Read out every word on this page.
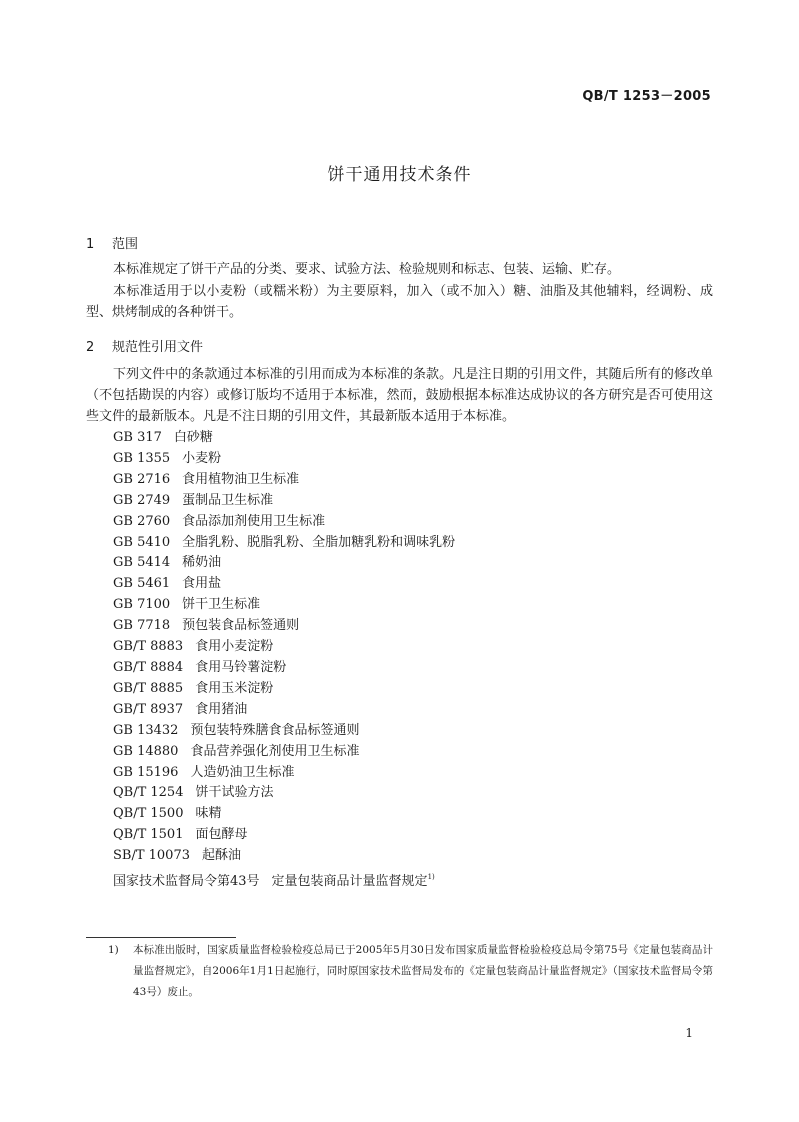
QB/T 1253－2005
饼干通用技术条件
1 范围
本标准规定了饼干产品的分类、要求、试验方法、检验规则和标志、包装、运输、贮存。
本标准适用于以小麦粉（或糯米粉）为主要原料，加入（或不加入）糖、油脂及其他辅料，经调粉、成型、烘烤制成的各种饼干。
2 规范性引用文件
下列文件中的条款通过本标准的引用而成为本标准的条款。凡是注日期的引用文件，其随后所有的修改单（不包括勘误的内容）或修订版均不适用于本标准，然而，鼓励根据本标准达成协议的各方研究是否可使用这些文件的最新版本。凡是不注日期的引用文件，其最新版本适用于本标准。
GB 317 白砂糖
GB 1355 小麦粉
GB 2716 食用植物油卫生标准
GB 2749 蛋制品卫生标准
GB 2760 食品添加剂使用卫生标准
GB 5410 全脂乳粉、脱脂乳粉、全脂加糖乳粉和调味乳粉
GB 5414 稀奶油
GB 5461 食用盐
GB 7100 饼干卫生标准
GB 7718 预包装食品标签通则
GB/T 8883 食用小麦淀粉
GB/T 8884 食用马铃薯淀粉
GB/T 8885 食用玉米淀粉
GB/T 8937 食用猪油
GB 13432 预包装特殊膳食食品标签通则
GB 14880 食品营养强化剂使用卫生标准
GB 15196 人造奶油卫生标准
QB/T 1254 饼干试验方法
QB/T 1500 味精
QB/T 1501 面包酵母
SB/T 10073 起酥油
国家技术监督局令第43号 定量包装商品计量监督规定$^{1)}$
1) 本标准出版时，国家质量监督检验检疫总局已于2005年5月30日发布国家质量监督检验检疫总局令第75号《定量包装商品计量监督规定》，自2006年1月1日起施行，同时原国家技术监督局发布的《定量包装商品计量监督规定》（国家技术监督局令第43号）废止。
1
